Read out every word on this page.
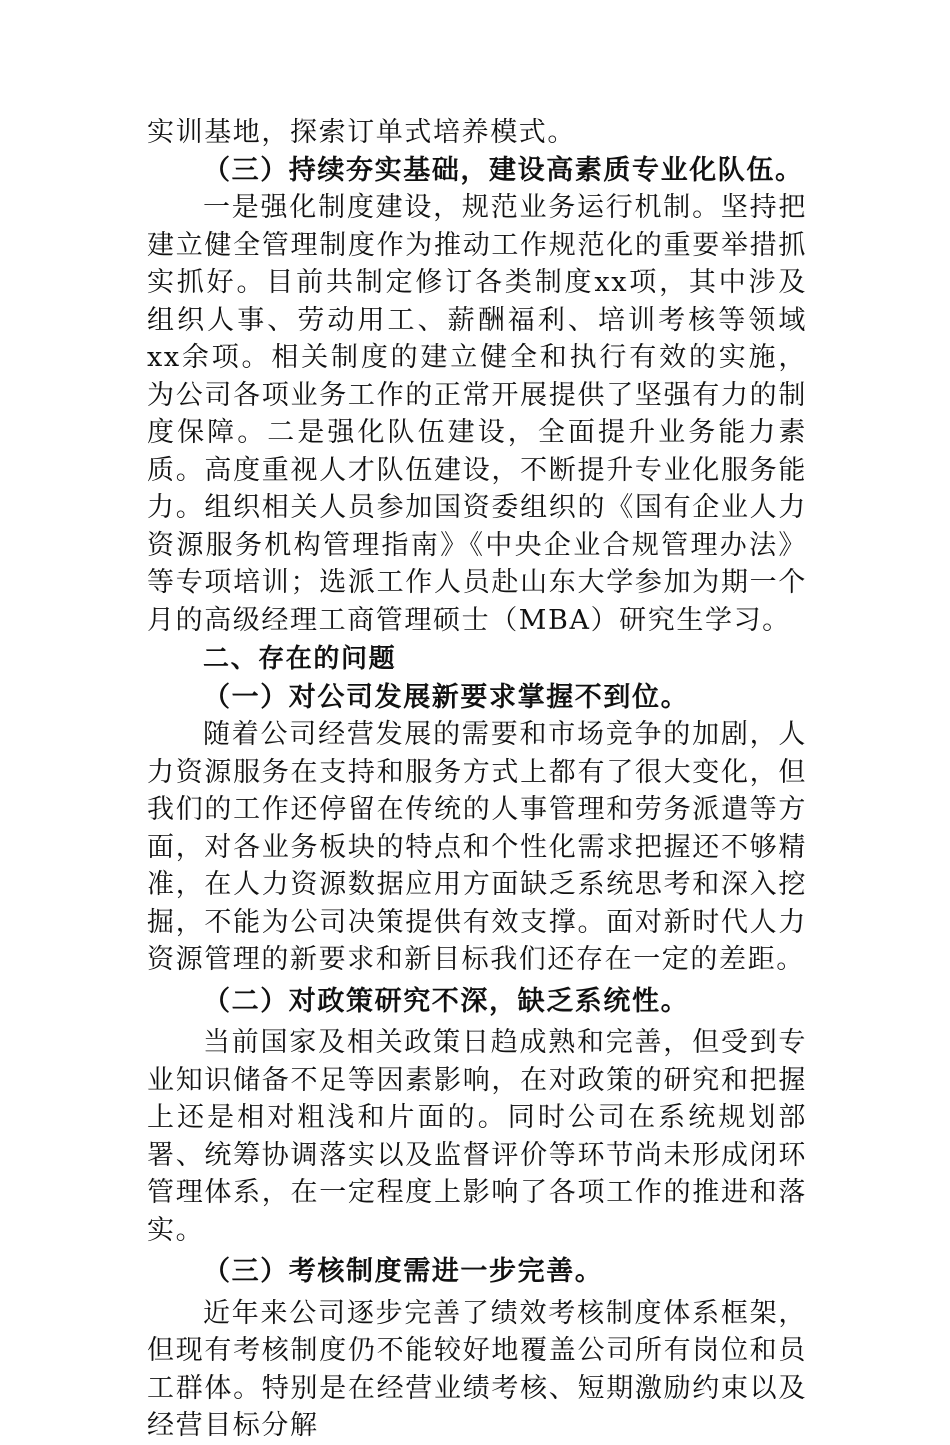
实训基地，探索订单式培养模式。

（三）持续夯实基础，建设高素质专业化队伍。

一是强化制度建设，规范业务运行机制。坚持把建立健全管理制度作为推动工作规范化的重要举措抓实抓好。目前共制定修订各类制度xx项，其中涉及组织人事、劳动用工、薪酬福利、培训考核等领域xx余项。相关制度的建立健全和执行有效的实施，为公司各项业务工作的正常开展提供了坚强有力的制度保障。二是强化队伍建设，全面提升业务能力素质。高度重视人才队伍建设，不断提升专业化服务能力。组织相关人员参加国资委组织的《国有企业人力资源服务机构管理指南》《中央企业合规管理办法》等专项培训；选派工作人员赴山东大学参加为期一个月的高级经理工商管理硕士（MBA）研究生学习。

二、存在的问题

（一）对公司发展新要求掌握不到位。

随着公司经营发展的需要和市场竞争的加剧，人力资源服务在支持和服务方式上都有了很大变化，但我们的工作还停留在传统的人事管理和劳务派遣等方面，对各业务板块的特点和个性化需求把握还不够精准，在人力资源数据应用方面缺乏系统思考和深入挖掘，不能为公司决策提供有效支撑。面对新时代人力资源管理的新要求和新目标我们还存在一定的差距。

（二）对政策研究不深，缺乏系统性。

当前国家及相关政策日趋成熟和完善，但受到专业知识储备不足等因素影响，在对政策的研究和把握上还是相对粗浅和片面的。同时公司在系统规划部署、统筹协调落实以及监督评价等环节尚未形成闭环管理体系，在一定程度上影响了各项工作的推进和落实。

（三）考核制度需进一步完善。

近年来公司逐步完善了绩效考核制度体系框架，但现有考核制度仍不能较好地覆盖公司所有岗位和员工群体。特别是在经营业绩考核、短期激励约束以及经营目标分解
